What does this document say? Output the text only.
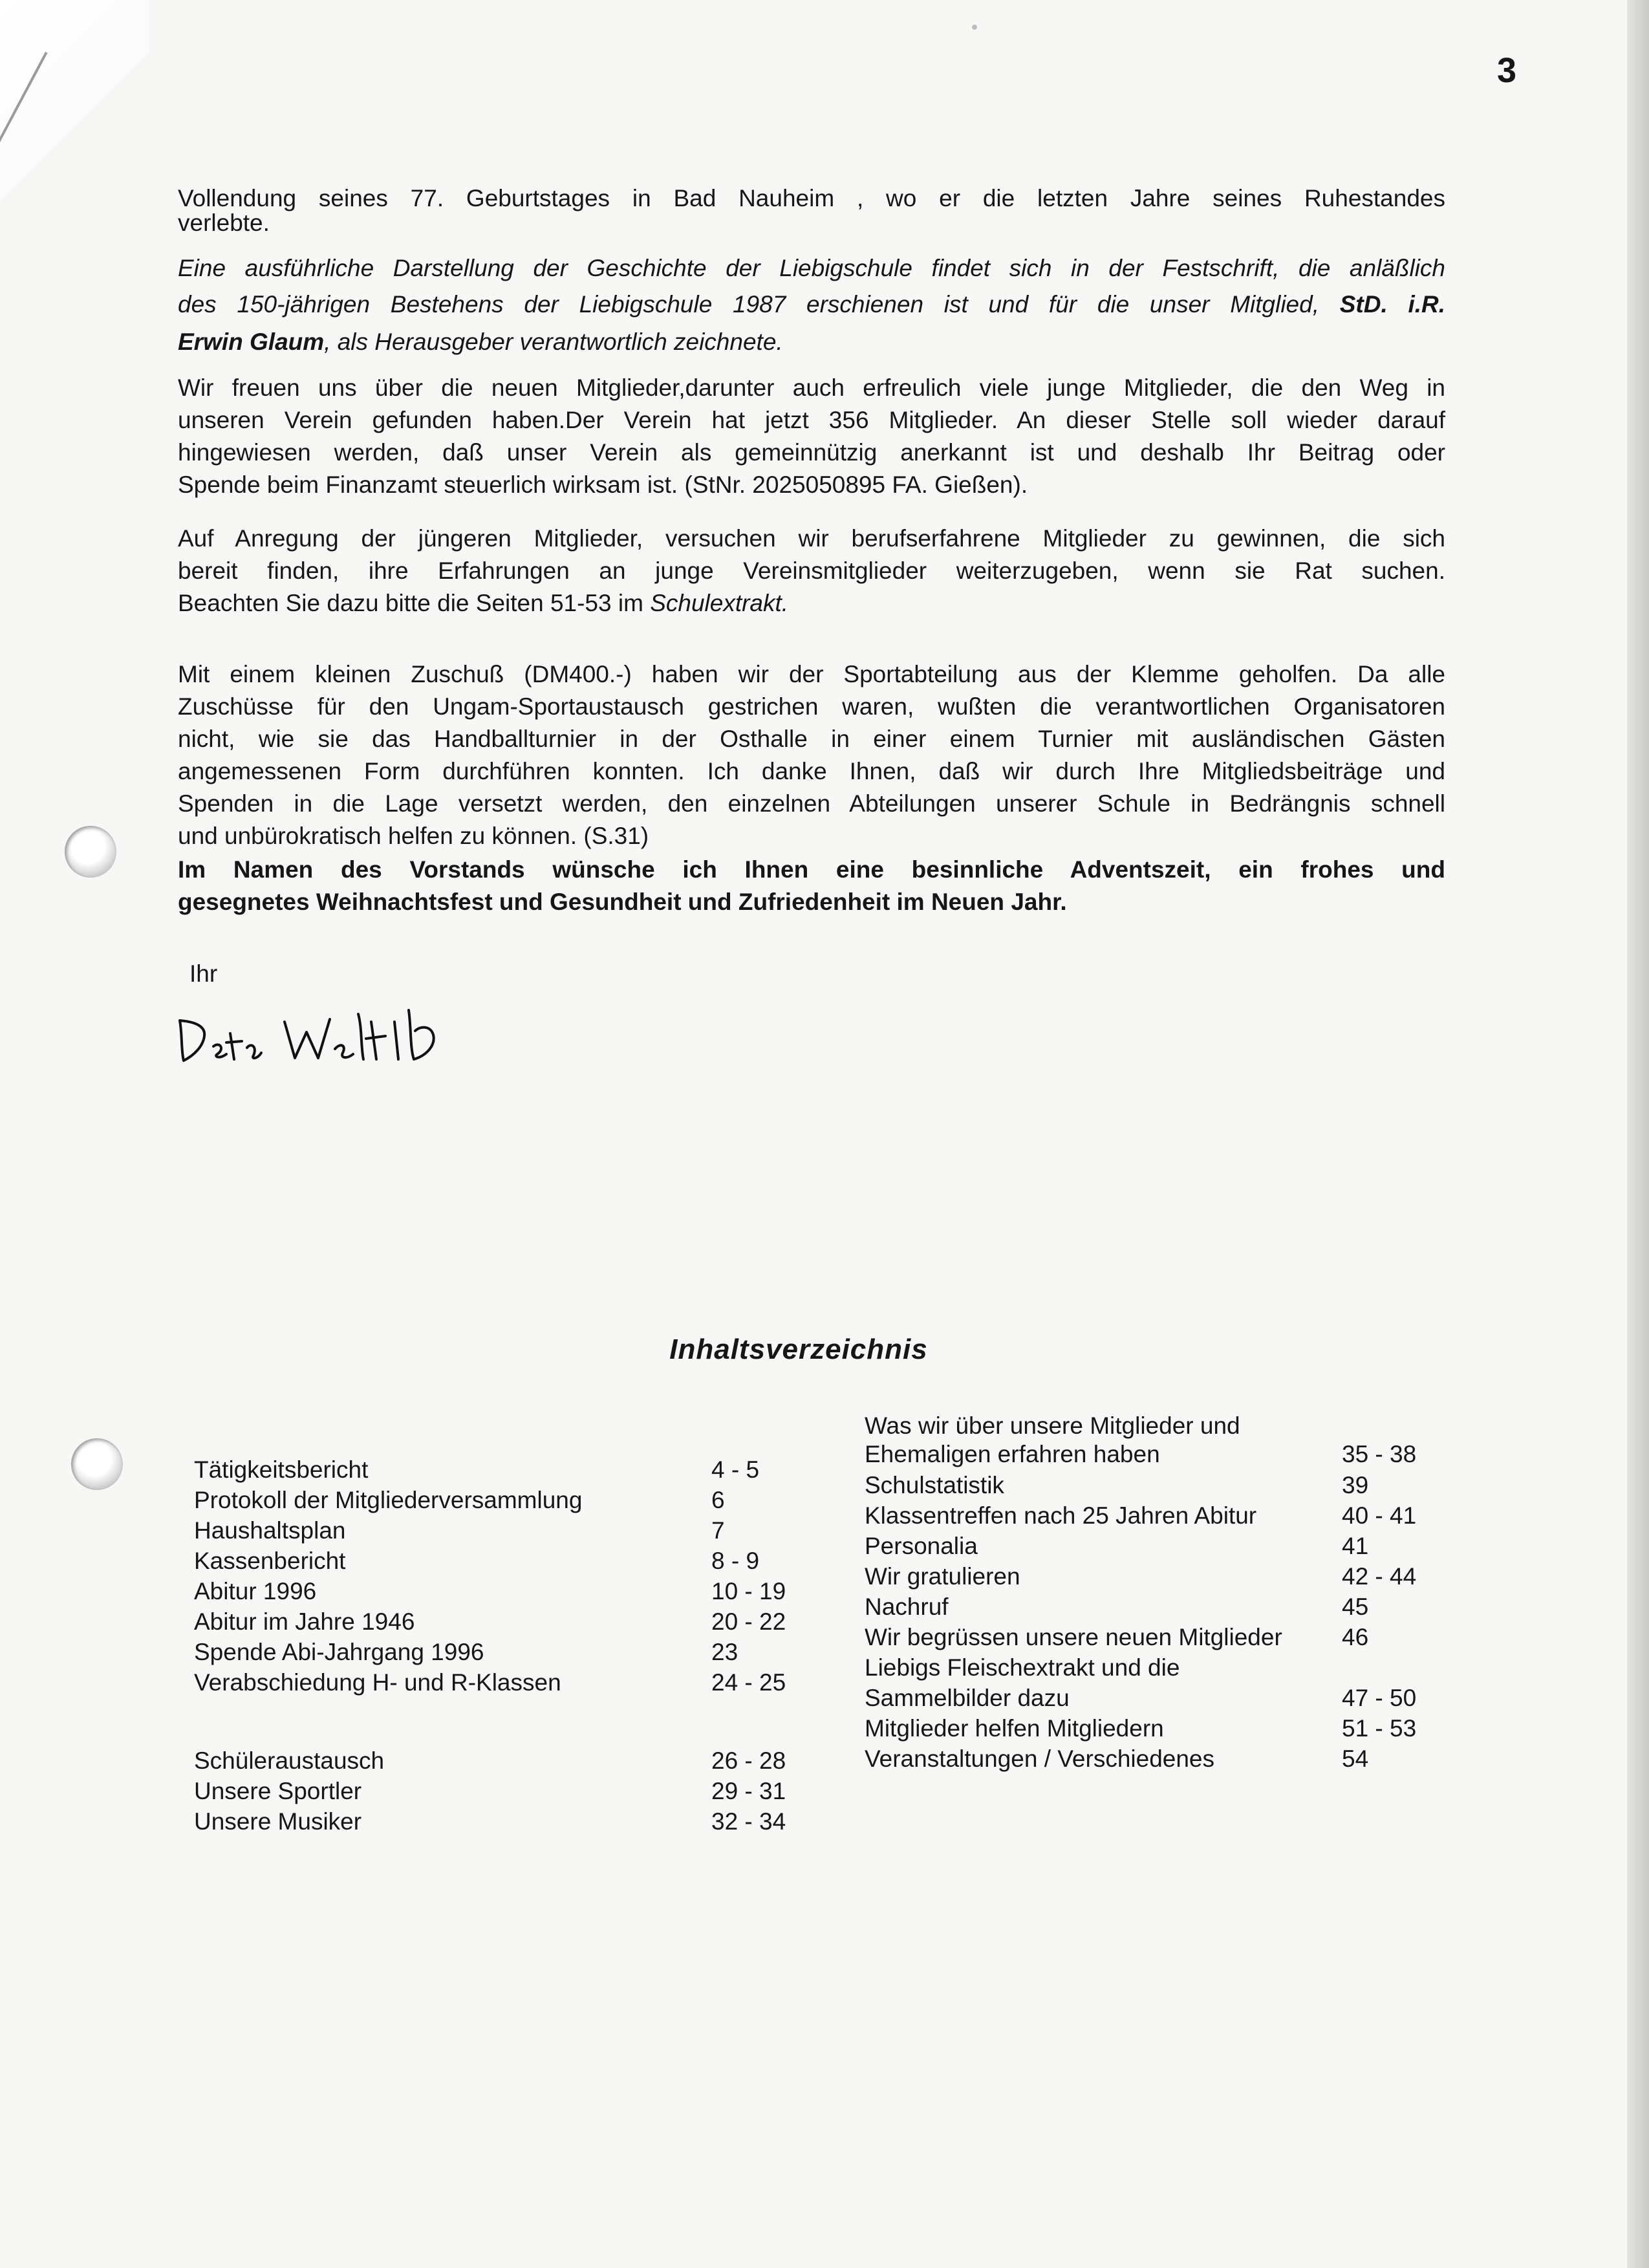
3
Vollendung seines 77. Geburtstages in Bad Nauheim , wo er die letzten Jahre seines Ruhestandes
verlebte.
Eine ausführliche Darstellung der Geschichte der Liebigschule findet sich in der Festschrift, die anläßlich
des 150-jährigen Bestehens der Liebigschule 1987 erschienen ist und für die unser Mitglied, StD. i.R.
Erwin Glaum, als Herausgeber verantwortlich zeichnete.
Wir freuen uns über die neuen Mitglieder,darunter auch erfreulich viele junge Mitglieder, die den Weg in
unseren Verein gefunden haben.Der Verein hat jetzt 356 Mitglieder. An dieser Stelle soll wieder darauf
hingewiesen werden, daß unser Verein als gemeinnützig anerkannt ist und deshalb Ihr Beitrag oder
Spende beim Finanzamt steuerlich wirksam ist. (StNr. 2025050895 FA. Gießen).
Auf Anregung der jüngeren Mitglieder, versuchen wir berufserfahrene Mitglieder zu gewinnen, die sich
bereit finden, ihre Erfahrungen an junge Vereinsmitglieder weiterzugeben, wenn sie Rat suchen.
Beachten Sie dazu bitte die Seiten 51-53 im Schulextrakt.
Mit einem kleinen Zuschuß (DM400.-) haben wir der Sportabteilung aus der Klemme geholfen. Da alle
Zuschüsse für den Ungam-Sportaustausch gestrichen waren, wußten die verantwortlichen Organisatoren
nicht, wie sie das Handballturnier in der Osthalle in einer einem Turnier mit ausländischen Gästen
angemessenen Form durchführen konnten. Ich danke Ihnen, daß wir durch Ihre Mitgliedsbeiträge und
Spenden in die Lage versetzt werden, den einzelnen Abteilungen unserer Schule in Bedrängnis schnell
und unbürokratisch helfen zu können. (S.31)
Im Namen des Vorstands wünsche ich Ihnen eine besinnliche Adventszeit, ein frohes und
gesegnetes Weihnachtsfest und Gesundheit und Zufriedenheit im Neuen Jahr.
Ihr
Inhaltsverzeichnis
Tätigkeitsbericht	4 - 5
Protokoll der Mitgliederversammlung	6
Haushaltsplan	7
Kassenbericht	8 - 9
Abitur 1996	10 - 19
Abitur im Jahre 1946	20 - 22
Spende Abi-Jahrgang 1996	23
Verabschiedung H- und R-Klassen	24 - 25
Schüleraustausch	26 - 28
Unsere Sportler	29 - 31
Unsere Musiker	32 - 34
Was wir über unsere Mitglieder und
Ehemaligen erfahren haben	35 - 38
Schulstatistik	39
Klassentreffen nach 25 Jahren Abitur	40 - 41
Personalia	41
Wir gratulieren	42 - 44
Nachruf	45
Wir begrüssen unsere neuen Mitglieder 46
Liebigs Fleischextrakt und die
Sammelbilder dazu	47 - 50
Mitglieder helfen Mitgliedern	51 - 53
Veranstaltungen / Verschiedenes	54
